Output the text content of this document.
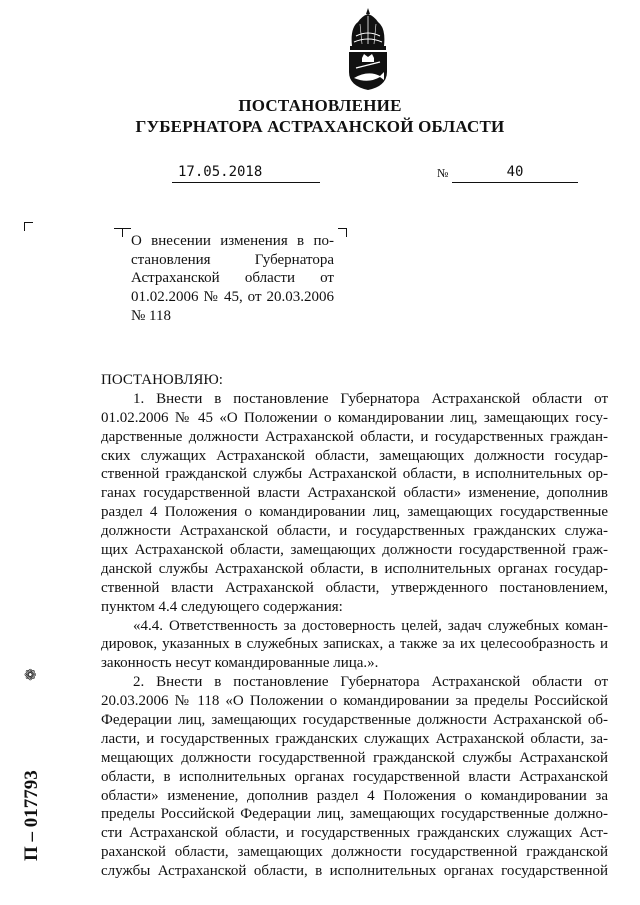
ПОСТАНОВЛЕНИЕ
ГУБЕРНАТОРА АСТРАХАНСКОЙ ОБЛАСТИ
17.05.2018	№	40

О внесении изменения в по-

становления Губернатора

Астраханской области от

01.02.2006 № 45, от 20.03.2006

№ 118

ПОСТАНОВЛЯЮ:
1. Внести в постановление Губернатора Астраханской области от
01.02.2006 № 45 «О Положении о командировании лиц, замещающих госу-
дарственные должности Астраханской области, и государственных граждан-
ских служащих Астраханской области, замещающих должности государ-
ственной гражданской службы Астраханской области, в исполнительных ор-
ганах государственной власти Астраханской области» изменение, дополнив
раздел 4 Положения о командировании лиц, замещающих государственные
должности Астраханской области, и государственных гражданских служа-
щих Астраханской области, замещающих должности государственной граж-
данской службы Астраханской области, в исполнительных органах государ-
ственной власти Астраханской области, утвержденного постановлением,
пунктом 4.4 следующего содержания:
«4.4. Ответственность за достоверность целей, задач служебных коман-
дировок, указанных в служебных записках, а также за их целесообразность и
законность несут командированные лица.».
2. Внести в постановление Губернатора Астраханской области от
20.03.2006 № 118 «О Положении о командировании за пределы Российской
Федерации лиц, замещающих государственные должности Астраханской об-
ласти, и государственных гражданских служащих Астраханской области, за-
мещающих должности государственной гражданской службы Астраханской
области, в исполнительных органах государственной власти Астраханской
области» изменение, дополнив раздел 4 Положения о командировании за
пределы Российской Федерации лиц, замещающих государственные должно-
сти Астраханской области, и государственных гражданских служащих Аст-
раханской области, замещающих должности государственной гражданской
службы Астраханской области, в исполнительных органах государственной
❁
П – 017793
